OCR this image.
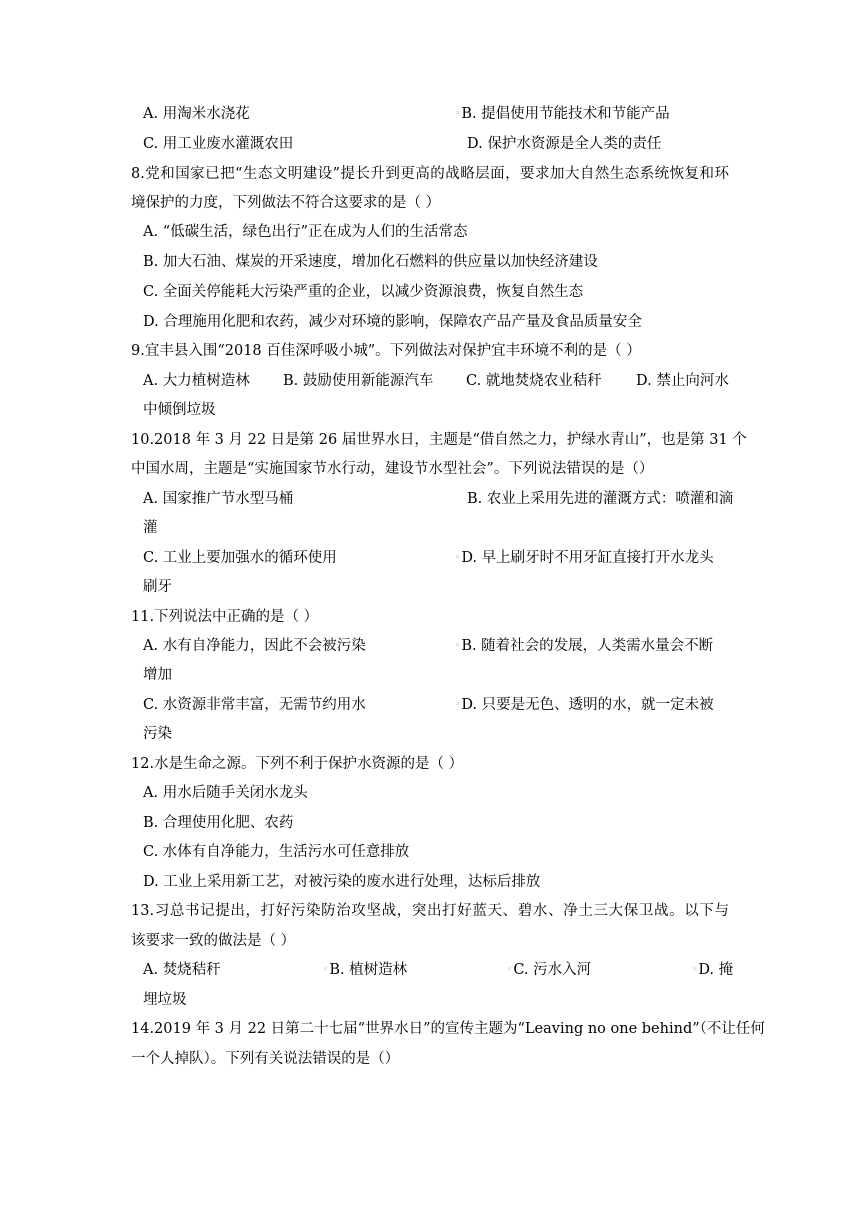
A. 用淘米水浇花	◦B. 提倡使用节能技术和节能产品
C. 用工业废水灌溉农田	D. 保护水资源是全人类的责任
8.党和国家已把“生态文明建设”提长升到更高的战略层面，要求加大自然生态系统恢复和环
境保护的力度，下列做法不符合这要求的是（ ）
A. “低碳生活，绿色出行”正在成为人们的生活常态
B. 加大石油、煤炭的开采速度，增加化石燃料的供应量以加快经济建设
C. 全面关停能耗大污染严重的企业，以减少资源浪费，恢复自然生态
D. 合理施用化肥和农药，减少对环境的影响，保障农产品产量及食品质量安全
9.宜丰县入围“2018 百佳深呼吸小城”。下列做法对保护宜丰环境不利的是（ ）
A. 大力植树造林 B. 鼓励使用新能源汽车 C. 就地焚烧农业秸秆 D. 禁止向河水
中倾倒垃圾
10.2018 年 3 月 22 日是第 26 届世界水日，主题是“借自然之力，护绿水青山”，也是第 31 个
中国水周，主题是“实施国家节水行动，建设节水型社会”。下列说法错误的是（）
A. 国家推广节水型马桶	B. 农业上采用先进的灌溉方式：喷灌和滴
灌
C. 工业上要加强水的循环使用	◦D. 早上刷牙时不用牙缸直接打开水龙头
刷牙
11.下列说法中正确的是（ ）
A. 水有自净能力，因此不会被污染	◦B. 随着社会的发展，人类需水量会不断
增加
C. 水资源非常丰富，无需节约用水	◦D. 只要是无色、透明的水，就一定未被
污染
12.水是生命之源。下列不利于保护水资源的是（ ）
A. 用水后随手关闭水龙头
B. 合理使用化肥、农药
C. 水体有自净能力，生活污水可任意排放
D. 工业上采用新工艺，对被污染的废水进行处理，达标后排放
13.习总书记提出，打好污染防治攻坚战，突出打好蓝天、碧水、净土三大保卫战。以下与
该要求一致的做法是（ ）
A. 焚烧秸秆	◦B. 植树造林	◦C. 污水入河	◦D. 掩
埋垃圾
14.2019 年 3 月 22 日第二十七届“世界水日”的宣传主题为“Leaving no one behind”（不让任何
一个人掉队）。下列有关说法错误的是（）
